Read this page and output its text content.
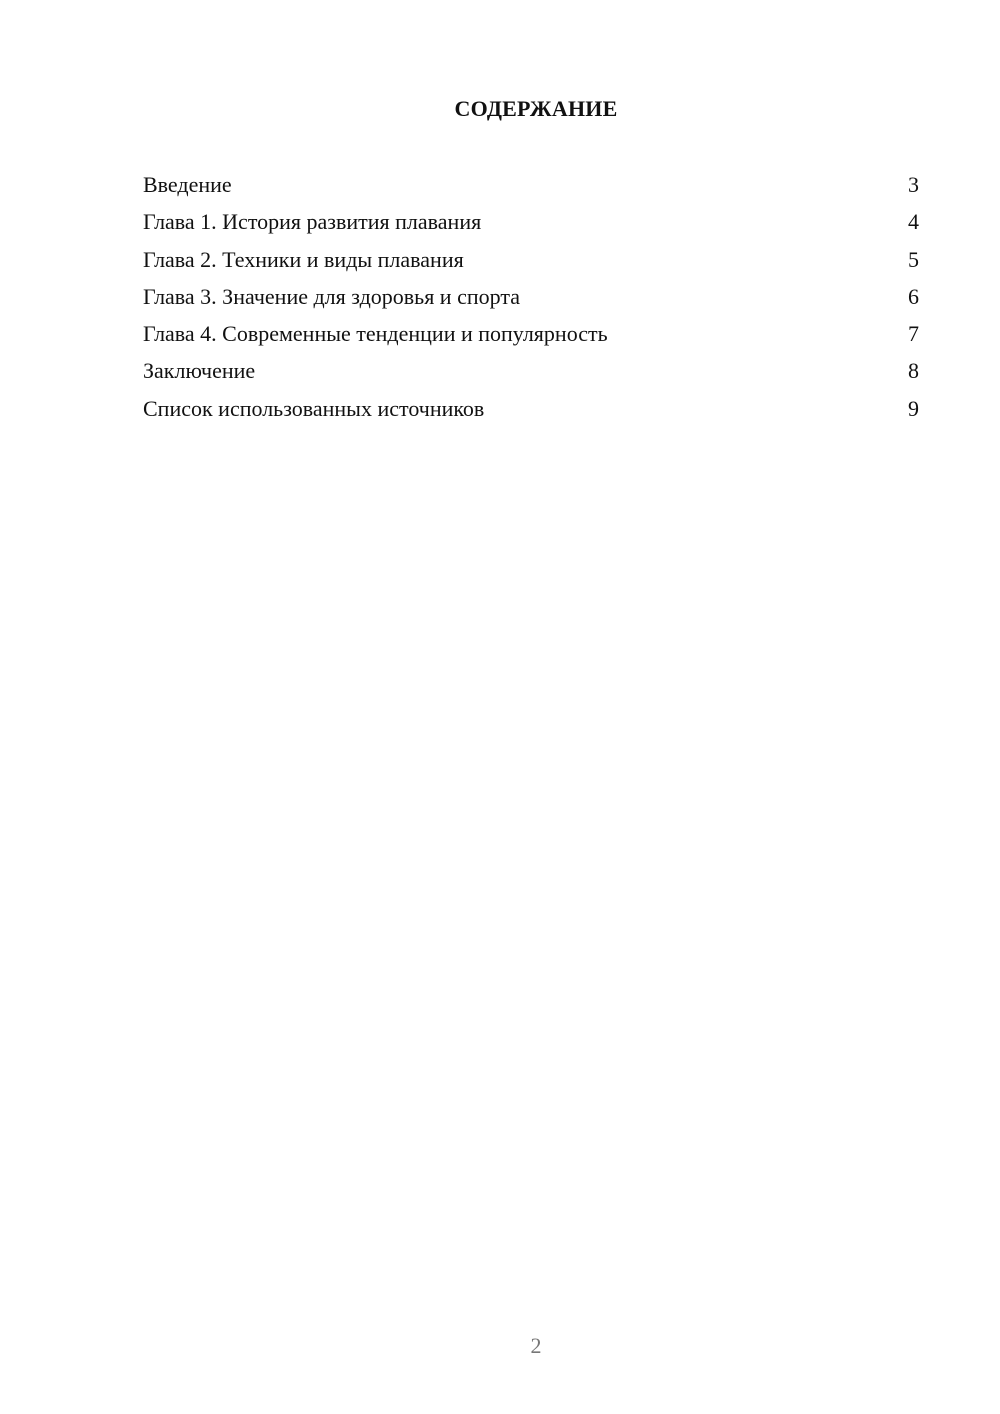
СОДЕРЖАНИЕ
Введение	3
Глава 1. История развития плавания	4
Глава 2. Техники и виды плавания	5
Глава 3. Значение для здоровья и спорта	6
Глава 4. Современные тенденции и популярность	7
Заключение	8
Список использованных источников	9
2
